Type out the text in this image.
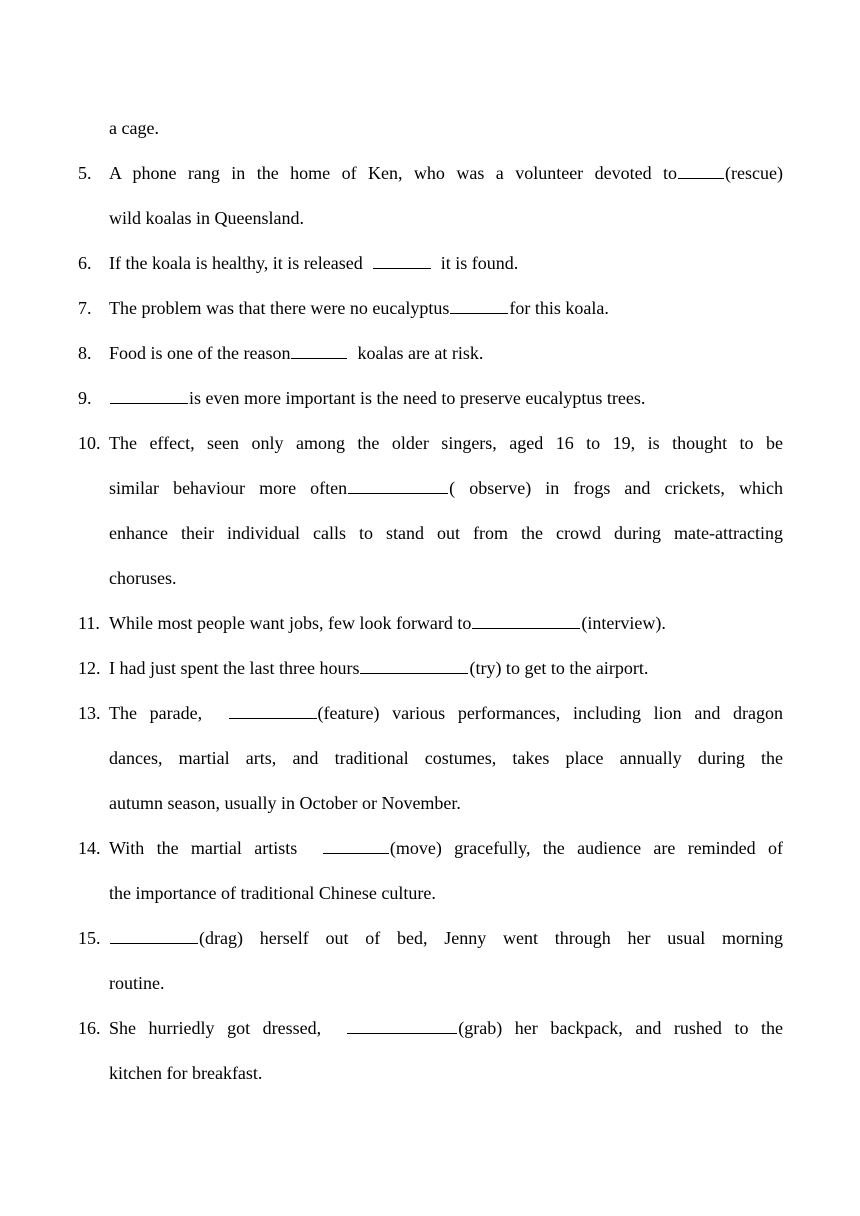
a cage.
5. A phone rang in the home of Ken, who was a volunteer devoted to	(rescue)
wild koalas in Queensland.
6. If the koala is healthy, it is released	it is found.
7. The problem was that there were no eucalyptus	for this koala.
8. Food is one of the reason	koalas are at risk.
9.	is even more important is the need to preserve eucalyptus trees.
10. The effect, seen only among the older singers, aged 16 to 19, is thought to be
similar behaviour more often	( observe) in frogs and crickets, which
enhance their individual calls to stand out from the crowd during mate-attracting
choruses.
11. While most people want jobs, few look forward to	(interview).
12. I had just spent the last three hours	(try) to get to the airport.
13. The parade,	(feature) various performances, including lion and dragon
dances, martial arts, and traditional costumes, takes place annually during the
autumn season, usually in October or November.
14. With the martial artists	(move) gracefully, the audience are reminded of
the importance of traditional Chinese culture.
15.	(drag) herself out of bed, Jenny went through her usual morning
routine.
16. She hurriedly got dressed,	(grab) her backpack, and rushed to the
kitchen for breakfast.
